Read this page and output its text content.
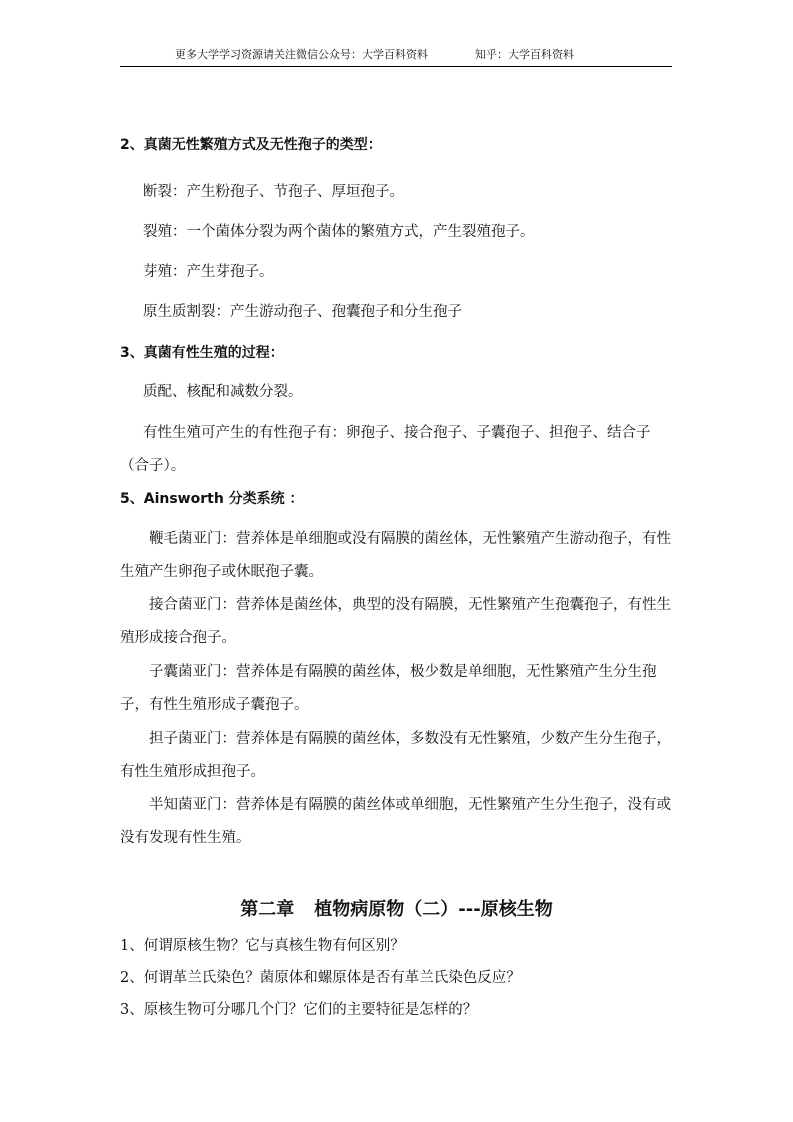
更多大学学习资源请关注微信公众号：大学百科资料	知乎：大学百科资料

2、真菌无性繁殖方式及无性孢子的类型：

断裂：产生粉孢子、节孢子、厚垣孢子。

裂殖：一个菌体分裂为两个菌体的繁殖方式，产生裂殖孢子。

芽殖：产生芽孢子。

原生质割裂：产生游动孢子、孢囊孢子和分生孢子

3、真菌有性生殖的过程：

质配、核配和减数分裂。

有性生殖可产生的有性孢子有：卵孢子、接合孢子、子囊孢子、担孢子、结合子（合子）。

5、Ainsworth 分类系统 ：

鞭毛菌亚门：营养体是单细胞或没有隔膜的菌丝体，无性繁殖产生游动孢子，有性生殖产生卵孢子或休眠孢子囊。

接合菌亚门：营养体是菌丝体，典型的没有隔膜，无性繁殖产生孢囊孢子，有性生殖形成接合孢子。

子囊菌亚门：营养体是有隔膜的菌丝体，极少数是单细胞，无性繁殖产生分生孢子，有性生殖形成子囊孢子。

担子菌亚门：营养体是有隔膜的菌丝体，多数没有无性繁殖，少数产生分生孢子，有性生殖形成担孢子。

半知菌亚门：营养体是有隔膜的菌丝体或单细胞，无性繁殖产生分生孢子，没有或没有发现有性生殖。

第二章 植物病原物（二）---原核生物

1、何谓原核生物？它与真核生物有何区别？

2、何谓革兰氏染色？菌原体和螺原体是否有革兰氏染色反应？

3、原核生物可分哪几个门？它们的主要特征是怎样的？
